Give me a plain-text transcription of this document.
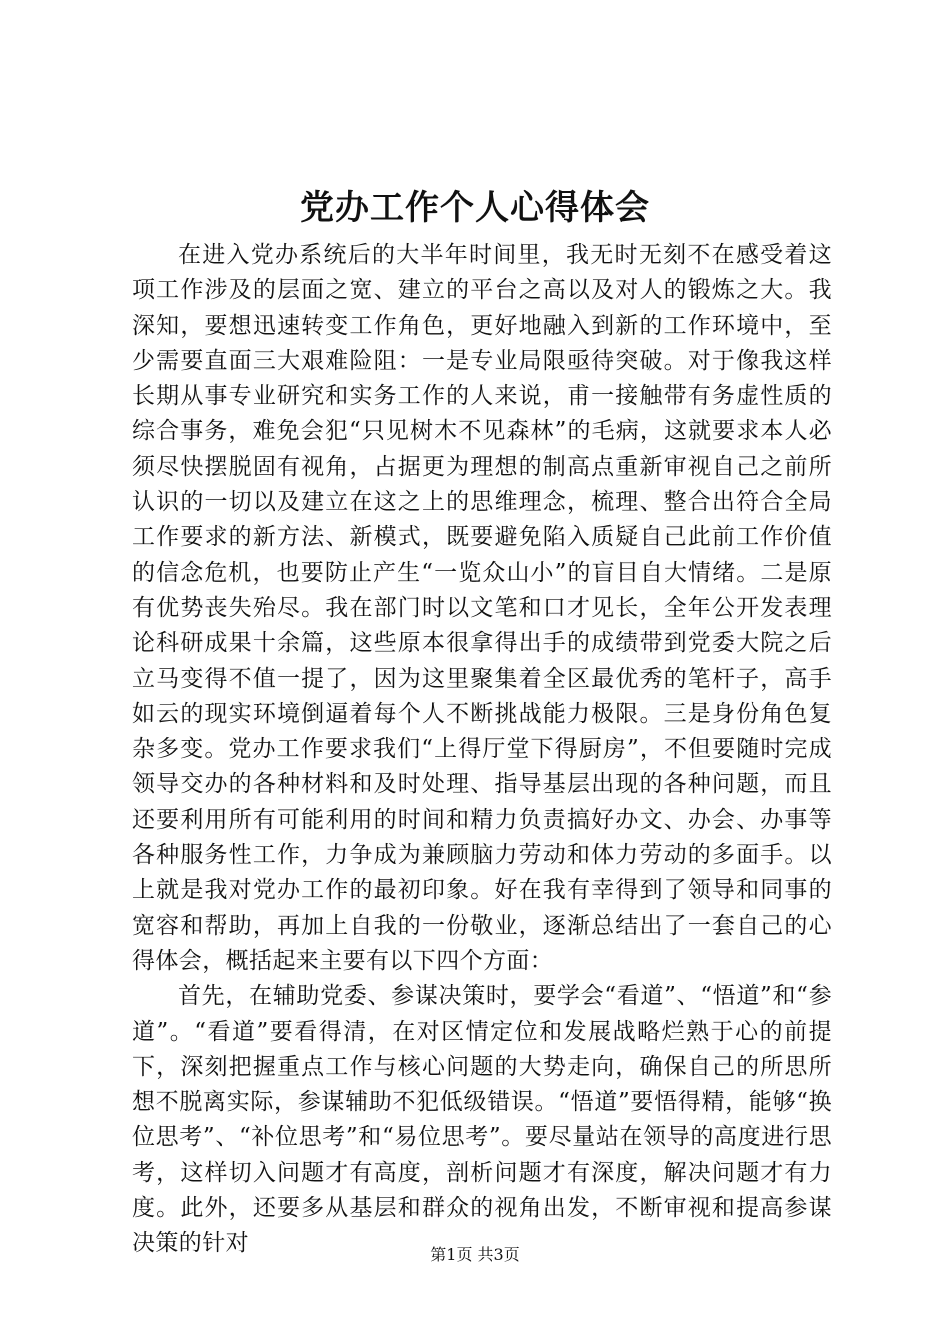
党办工作个人心得体会

在进入党办系统后的大半年时间里，我无时无刻不在感受着这项工作涉及的层面之宽、建立的平台之高以及对人的锻炼之大。我深知，要想迅速转变工作角色，更好地融入到新的工作环境中，至少需要直面三大艰难险阻：一是专业局限亟待突破。对于像我这样长期从事专业研究和实务工作的人来说，甫一接触带有务虚性质的综合事务，难免会犯“只见树木不见森林”的毛病，这就要求本人必须尽快摆脱固有视角，占据更为理想的制高点重新审视自己之前所认识的一切以及建立在这之上的思维理念，梳理、整合出符合全局工作要求的新方法、新模式，既要避免陷入质疑自己此前工作价值的信念危机，也要防止产生“一览众山小”的盲目自大情绪。二是原有优势丧失殆尽。我在部门时以文笔和口才见长，全年公开发表理论科研成果十余篇，这些原本很拿得出手的成绩带到党委大院之后立马变得不值一提了，因为这里聚集着全区最优秀的笔杆子，高手如云的现实环境倒逼着每个人不断挑战能力极限。三是身份角色复杂多变。党办工作要求我们“上得厅堂下得厨房”，不但要随时完成领导交办的各种材料和及时处理、指导基层出现的各种问题，而且还要利用所有可能利用的时间和精力负责搞好办文、办会、办事等各种服务性工作，力争成为兼顾脑力劳动和体力劳动的多面手。以上就是我对党办工作的最初印象。好在我有幸得到了领导和同事的宽容和帮助，再加上自我的一份敬业，逐渐总结出了一套自己的心得体会，概括起来主要有以下四个方面：

首先，在辅助党委、参谋决策时，要学会“看道”、“悟道”和“参道”。“看道”要看得清，在对区情定位和发展战略烂熟于心的前提下，深刻把握重点工作与核心问题的大势走向，确保自己的所思所想不脱离实际，参谋辅助不犯低级错误。“悟道”要悟得精，能够“换位思考”、“补位思考”和“易位思考”。要尽量站在领导的高度进行思考，这样切入问题才有高度，剖析问题才有深度，解决问题才有力度。此外，还要多从基层和群众的视角出发，不断审视和提高参谋决策的针对	第1页 共3页
